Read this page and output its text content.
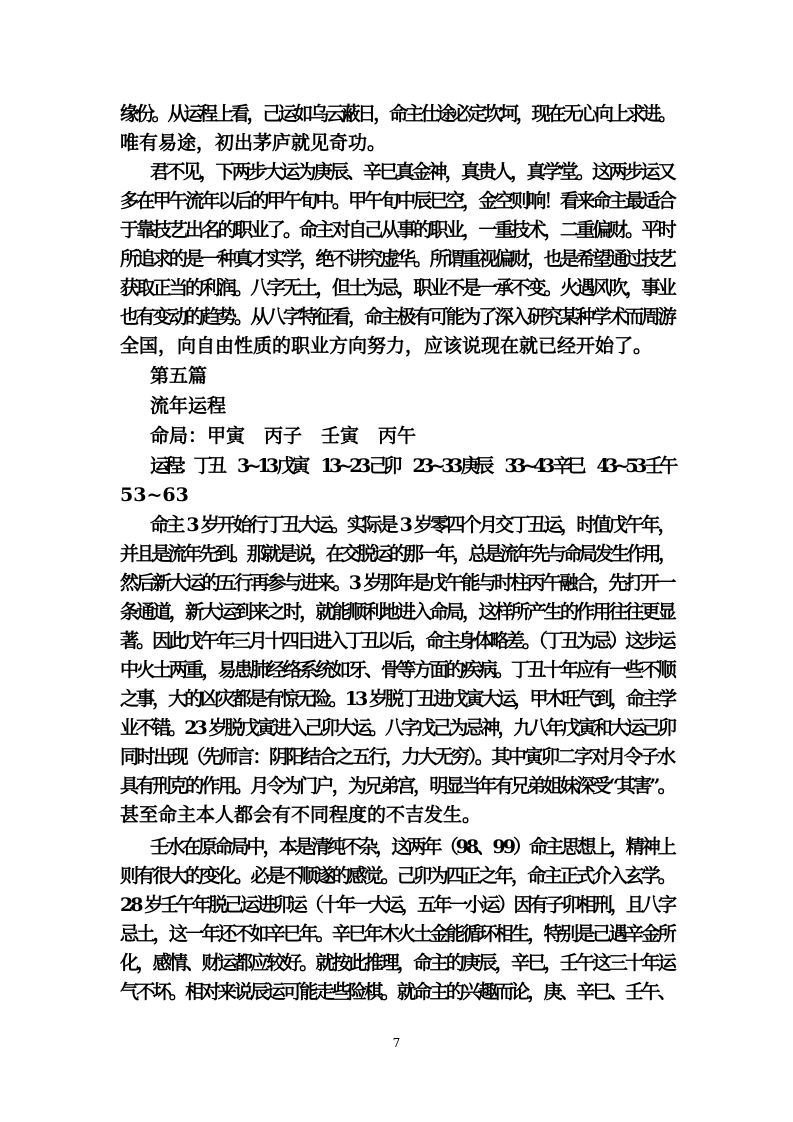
缘份。从运程上看，己运如乌云蔽日，命主仕途必定坎坷，现在无心向上求进。
唯有易途，初出茅庐就见奇功。
君不见，下两步大运为庚辰、辛巳真金神，真贵人，真学堂。这两步运又
多在甲午流年以后的甲午旬中。甲午旬中辰巳空，金空则响！看来命主最适合
于靠技艺出名的职业了。命主对自己从事的职业，一重技术，二重偏财。平时
所追求的是一种真才实学，绝不讲究虚华。所谓重视偏财，也是希望通过技艺
获取正当的利润。八字无土，但土为忌，职业不是一承不变。火遇风吹，事业
也有变动的趋势。从八字特征看，命主极有可能为了深入研究某种学术而周游
全国，向自由性质的职业方向努力，应该说现在就已经开始了。
第五篇
流年运程
命局：甲寅　丙子　壬寅　丙午
运程：丁丑　3~13 戊寅　13~23 己卯　23~33 庚辰　33~43 辛巳　43~53 壬午
53~63
命主 3 岁开始行丁丑大运。实际是 3 岁零四个月交丁丑运，时值戊午年，
并且是流年先到。那就是说，在交脱运的那一年，总是流年先与命局发生作用，
然后新大运的五行再参与进来。3 岁那年是戊午能与时柱丙午融合，先打开一
条通道，新大运到来之时，就能顺利地进入命局，这样所产生的作用往往更显
著。因此戊午年三月十四日进入丁丑以后，命主身体略差。（丁丑为忌）这步运
中火土两重，易患肺经络系统如牙、骨等方面的疾病。丁丑十年应有一些不顺
之事，大的凶灾都是有惊无险。13 岁脱丁丑进戊寅大运，甲木旺气到，命主学
业不错。23 岁脱戊寅进入己卯大运。八字戊己为忌神，九八年戊寅和大运己卯
同时出现（先师言：阴阳结合之五行，力大无穷）。其中寅卯二字对月令子水
具有刑克的作用。月令为门户，为兄弟宫，明显当年有兄弟姐妹深受“其害”。
甚至命主本人都会有不同程度的不吉发生。
壬水在原命局中，本是清纯不杂，这两年（98、99）命主思想上，精神上
则有很大的变化。必是不顺遂的感觉。己卯为四正之年，命主正式介入玄学。
28 岁壬午年脱己运进卯运（十年一大运，五年一小运）因有子卯相刑，且八字
忌土，这一年还不如辛巳年。辛巳年木火土金能循环相生，特别是己遇辛金所
化，感情、财运都应较好。就按此推理，命主的庚辰，辛巳，壬午这三十年运
气不坏。相对来说辰运可能走些险棋。就命主的兴趣而论，庚、辛巳、壬午、
7
